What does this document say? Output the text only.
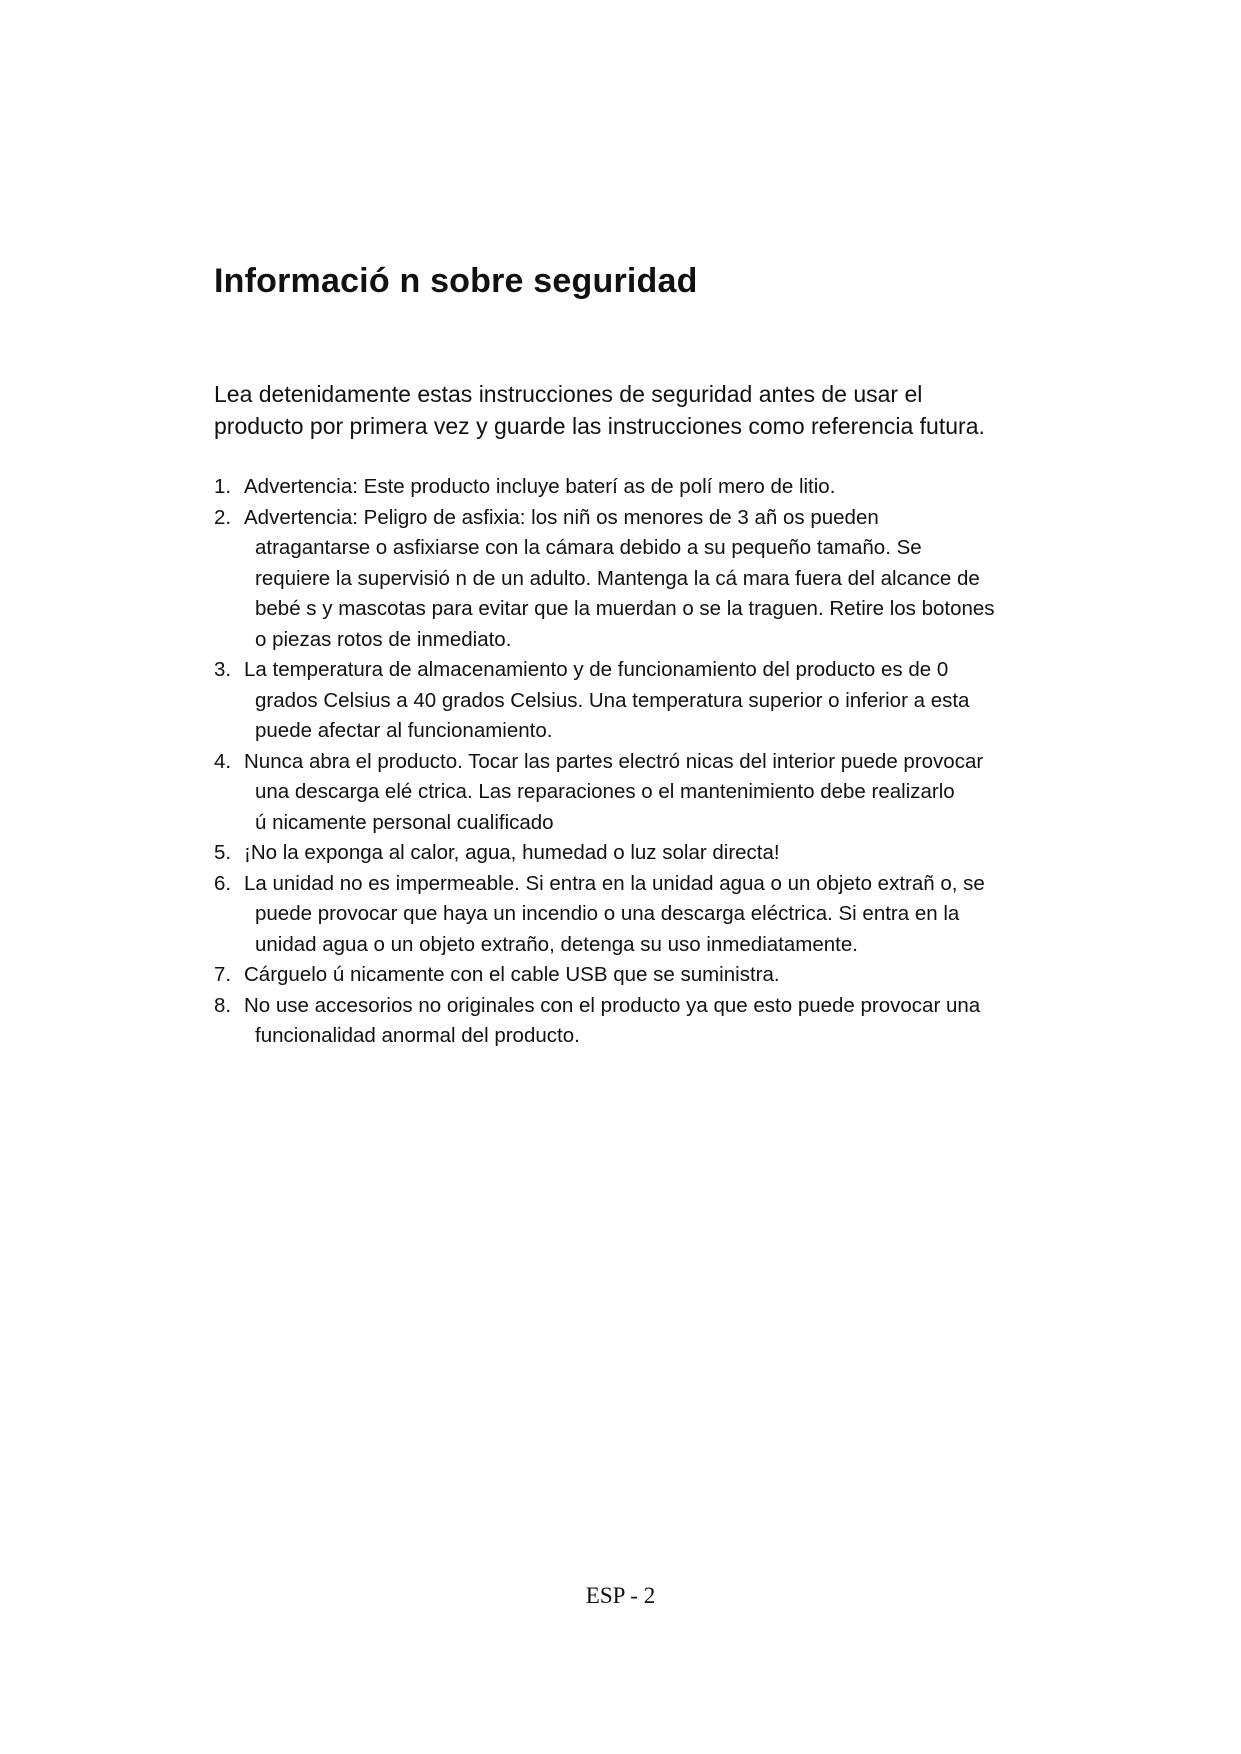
Informació n sobre seguridad

Lea detenidamente estas instrucciones de seguridad antes de usar el
producto por primera vez y guarde las instrucciones como referencia futura.

1. Advertencia: Este producto incluye baterí as de polí mero de litio.
2. Advertencia: Peligro de asfixia: los niñ os menores de 3 añ os pueden
atragantarse o asfixiarse con la cámara debido a su pequeño tamaño. Se
requiere la supervisió n de un adulto. Mantenga la cá mara fuera del alcance de
bebé s y mascotas para evitar que la muerdan o se la traguen. Retire los botones
o piezas rotos de inmediato.
3. La temperatura de almacenamiento y de funcionamiento del producto es de 0
grados Celsius a 40 grados Celsius. Una temperatura superior o inferior a esta
puede afectar al funcionamiento.
4. Nunca abra el producto. Tocar las partes electró nicas del interior puede provocar
una descarga elé ctrica. Las reparaciones o el mantenimiento debe realizarlo
ú nicamente personal cualificado
5. ¡No la exponga al calor, agua, humedad o luz solar directa!
6. La unidad no es impermeable. Si entra en la unidad agua o un objeto extrañ o, se
puede provocar que haya un incendio o una descarga eléctrica. Si entra en la
unidad agua o un objeto extraño, detenga su uso inmediatamente.
7. Cárguelo ú nicamente con el cable USB que se suministra.
8. No use accesorios no originales con el producto ya que esto puede provocar una
funcionalidad anormal del producto.
ESP - 2
